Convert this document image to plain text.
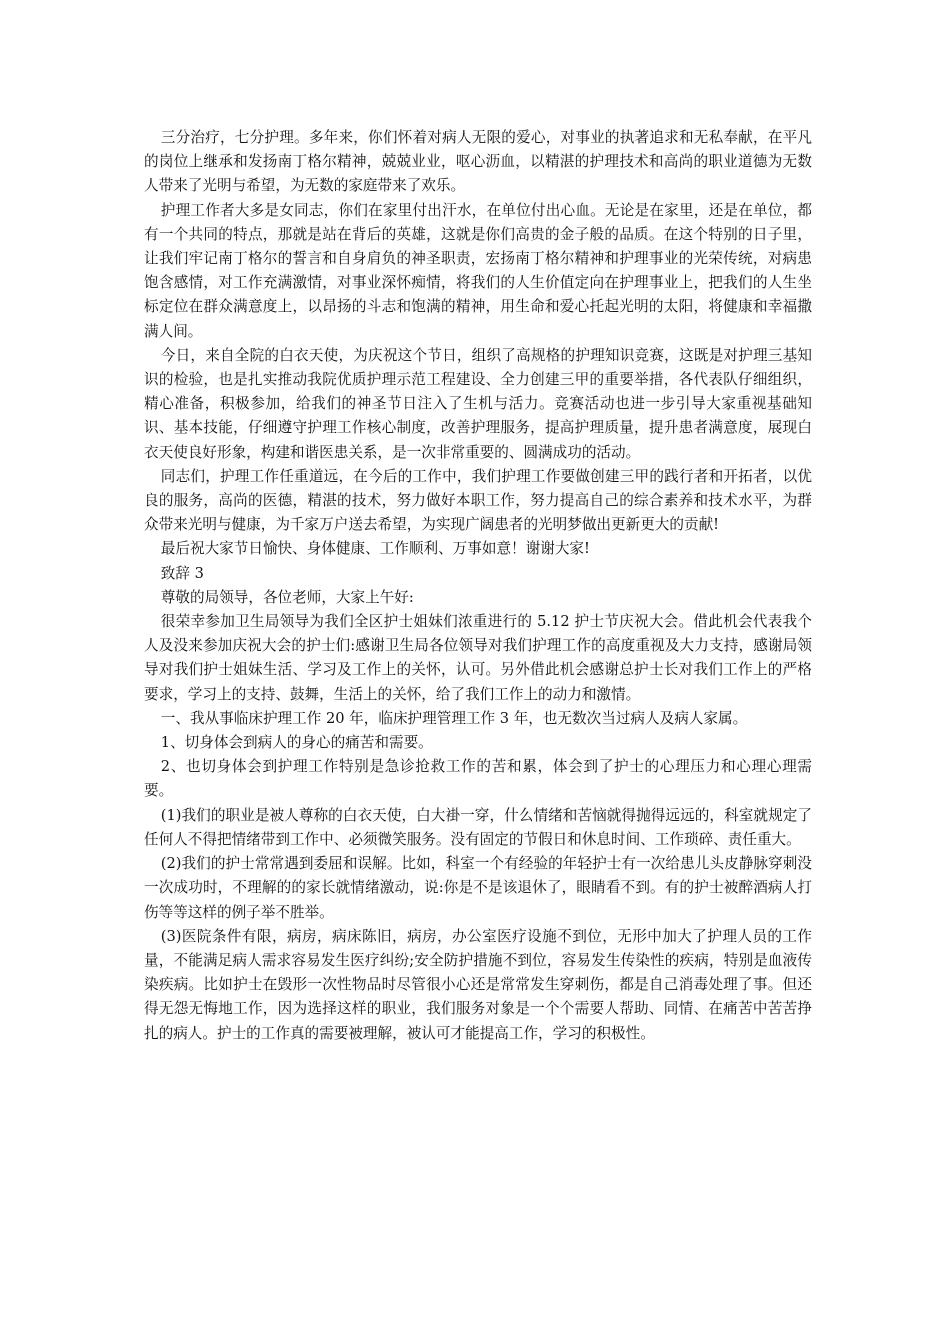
三分治疗，七分护理。多年来，你们怀着对病人无限的爱心，对事业的执著追求和无私奉献，在平凡的岗位上继承和发扬南丁格尔精神，兢兢业业，呕心沥血，以精湛的护理技术和高尚的职业道德为无数人带来了光明与希望，为无数的家庭带来了欢乐。

护理工作者大多是女同志，你们在家里付出汗水，在单位付出心血。无论是在家里，还是在单位，都有一个共同的特点，那就是站在背后的英雄，这就是你们高贵的金子般的品质。在这个特别的日子里，让我们牢记南丁格尔的誓言和自身肩负的神圣职责，宏扬南丁格尔精神和护理事业的光荣传统，对病患饱含感情，对工作充满激情，对事业深怀痴情，将我们的人生价值定向在护理事业上，把我们的人生坐标定位在群众满意度上，以昂扬的斗志和饱满的精神，用生命和爱心托起光明的太阳，将健康和幸福撒满人间。

今日，来自全院的白衣天使，为庆祝这个节日，组织了高规格的护理知识竞赛，这既是对护理三基知识的检验，也是扎实推动我院优质护理示范工程建设、全力创建三甲的重要举措，各代表队仔细组织，精心准备，积极参加，给我们的神圣节日注入了生机与活力。竞赛活动也进一步引导大家重视基础知识、基本技能，仔细遵守护理工作核心制度，改善护理服务，提高护理质量，提升患者满意度，展现白衣天使良好形象，构建和谐医患关系，是一次非常重要的、圆满成功的活动。

同志们，护理工作任重道远，在今后的工作中，我们护理工作要做创建三甲的践行者和开拓者，以优良的服务，高尚的医德，精湛的技术，努力做好本职工作，努力提高自己的综合素养和技术水平，为群众带来光明与健康，为千家万户送去希望，为实现广阔患者的光明梦做出更新更大的贡献!

最后祝大家节日愉快、身体健康、工作顺利、万事如意！谢谢大家!

致辞 3

尊敬的局领导，各位老师，大家上午好:

很荣幸参加卫生局领导为我们全区护士姐妹们浓重进行的 5.12 护士节庆祝大会。借此机会代表我个人及没来参加庆祝大会的护士们:感谢卫生局各位领导对我们护理工作的高度重视及大力支持，感谢局领导对我们护士姐妹生活、学习及工作上的关怀，认可。另外借此机会感谢总护士长对我们工作上的严格要求，学习上的支持、鼓舞，生活上的关怀，给了我们工作上的动力和激情。

一、我从事临床护理工作 20 年，临床护理管理工作 3 年，也无数次当过病人及病人家属。

1、切身体会到病人的身心的痛苦和需要。

2、也切身体会到护理工作特别是急诊抢救工作的苦和累，体会到了护士的心理压力和心理心理需要。

(1)我们的职业是被人尊称的白衣天使，白大褂一穿，什么情绪和苦恼就得抛得远远的，科室就规定了任何人不得把情绪带到工作中、必须微笑服务。没有固定的节假日和休息时间、工作琐碎、责任重大。

(2)我们的护士常常遇到委屈和误解。比如，科室一个有经验的年轻护士有一次给患儿头皮静脉穿刺没一次成功时，不理解的的家长就情绪激动，说:你是不是该退休了，眼睛看不到。有的护士被醉酒病人打伤等等这样的例子举不胜举。

(3)医院条件有限，病房，病床陈旧，病房，办公室医疗设施不到位，无形中加大了护理人员的工作量，不能满足病人需求容易发生医疗纠纷;安全防护措施不到位，容易发生传染性的疾病，特别是血液传染疾病。比如护士在毁形一次性物品时尽管很小心还是常常发生穿刺伤，都是自己消毒处理了事。但还得无怨无悔地工作，因为选择这样的职业，我们服务对象是一个个需要人帮助、同情、在痛苦中苦苦挣扎的病人。护士的工作真的需要被理解，被认可才能提高工作，学习的积极性。
